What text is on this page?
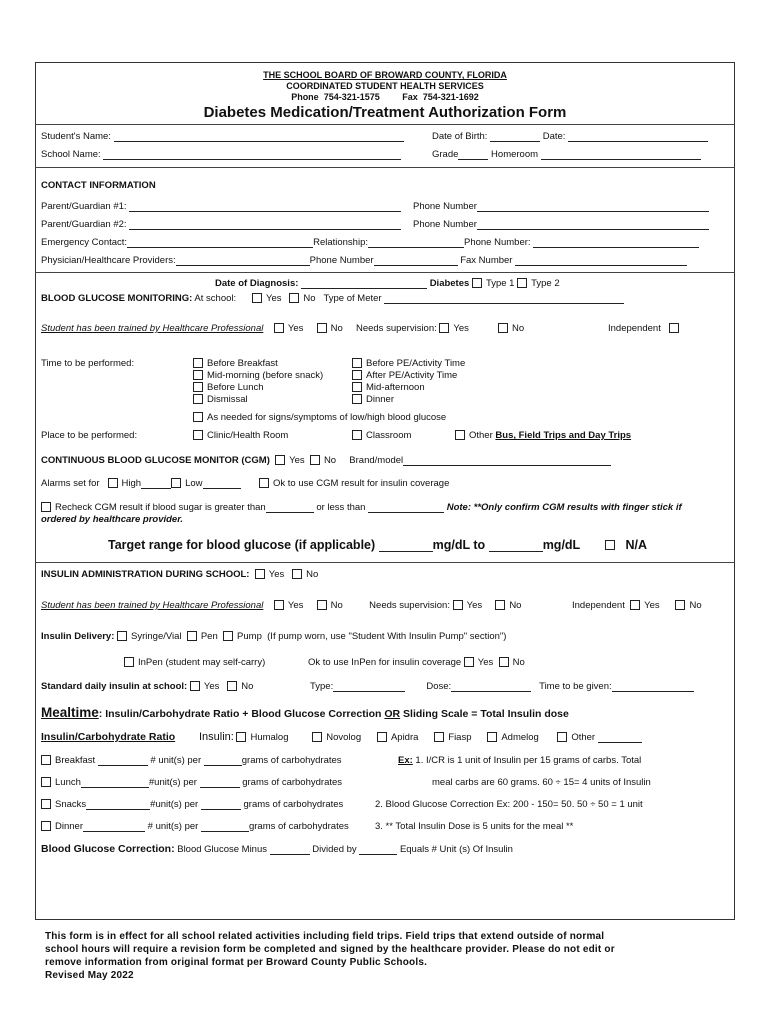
THE SCHOOL BOARD OF BROWARD COUNTY, FLORIDA
COORDINATED STUDENT HEALTH SERVICES
Phone  754-321-1575         Fax  754-321-1692
Diabetes Medication/Treatment Authorization Form
Student's Name:	Date of Birth:	Date:
School Name:	Grade	Homeroom
CONTACT INFORMATION
Parent/Guardian #1:	Phone Number
Parent/Guardian #2:	Phone Number
Emergency Contact:	Relationship:	Phone Number:
Physician/Healthcare Providers:	Phone Number	Fax Number
Date of Diagnosis:	Diabetes Type 1 Type 2
BLOOD GLUCOSE MONITORING: At school:	Yes No Type of Meter
Student has been trained by Healthcare Professional	Yes	No Needs supervision: Yes	No	Independent
Time to be performed:	Before Breakfast
Mid-morning (before snack)
Before Lunch
Dismissal
Before PE/Activity Time
After PE/Activity Time
Mid-afternoon
Dinner
As needed for signs/symptoms of low/high blood glucose
Place to be performed:	Clinic/Health Room	Classroom	Other Bus, Field Trips and Day Trips
CONTINUOUS BLOOD GLUCOSE MONITOR (CGM) Yes No Brand/model
Alarms set for High	Low	Ok to use CGM result for insulin coverage
Recheck CGM result if blood sugar is greater than	or less than	Note: **Only confirm CGM results with finger stick if
ordered by healthcare provider.
Target range for blood glucose (if applicable)	mg/dL to	mg/dL	N/A
INSULIN ADMINISTRATION DURING SCHOOL: Yes No
Student has been trained by Healthcare Professional	Yes	No	Needs supervision: Yes	No	Independent Yes	No
Insulin Delivery: Syringe/Vial Pen Pump (If pump worn, use "Student With Insulin Pump" section")
InPen (student may self-carry)	Ok to use InPen for insulin coverage Yes No
Standard daily insulin at school: Yes No	Type:	Dose:	Time to be given:
Mealtime: Insulin/Carbohydrate Ratio + Blood Glucose Correction OR Sliding Scale = Total Insulin dose
Insulin/Carbohydrate Ratio Insulin: Humalog	Novolog	Apidra	Fiasp	Admelog	Other
Breakfast	# unit(s) per	grams of carbohydrates
Lunch	#unit(s) per	grams of carbohydrates
Snacks	#unit(s) per	grams of carbohydrates
Dinner	# unit(s) per	grams of carbohydrates
Ex: 1. I/CR is 1 unit of Insulin per 15 grams of carbs. Total
meal carbs are 60 grams. 60 ÷ 15= 4 units of Insulin
2. Blood Glucose Correction Ex: 200 - 150= 50. 50 ÷ 50 = 1 unit
3. ** Total Insulin Dose is 5 units for the meal **
Blood Glucose Correction: Blood Glucose Minus	Divided by	Equals # Unit (s) Of Insulin
This form is in effect for all school related activities including field trips. Field trips that extend outside of normal
school hours will require a revision form be completed and signed by the healthcare provider. Please do not edit or
remove information from original format per Broward County Public Schools.
Revised May 2022
